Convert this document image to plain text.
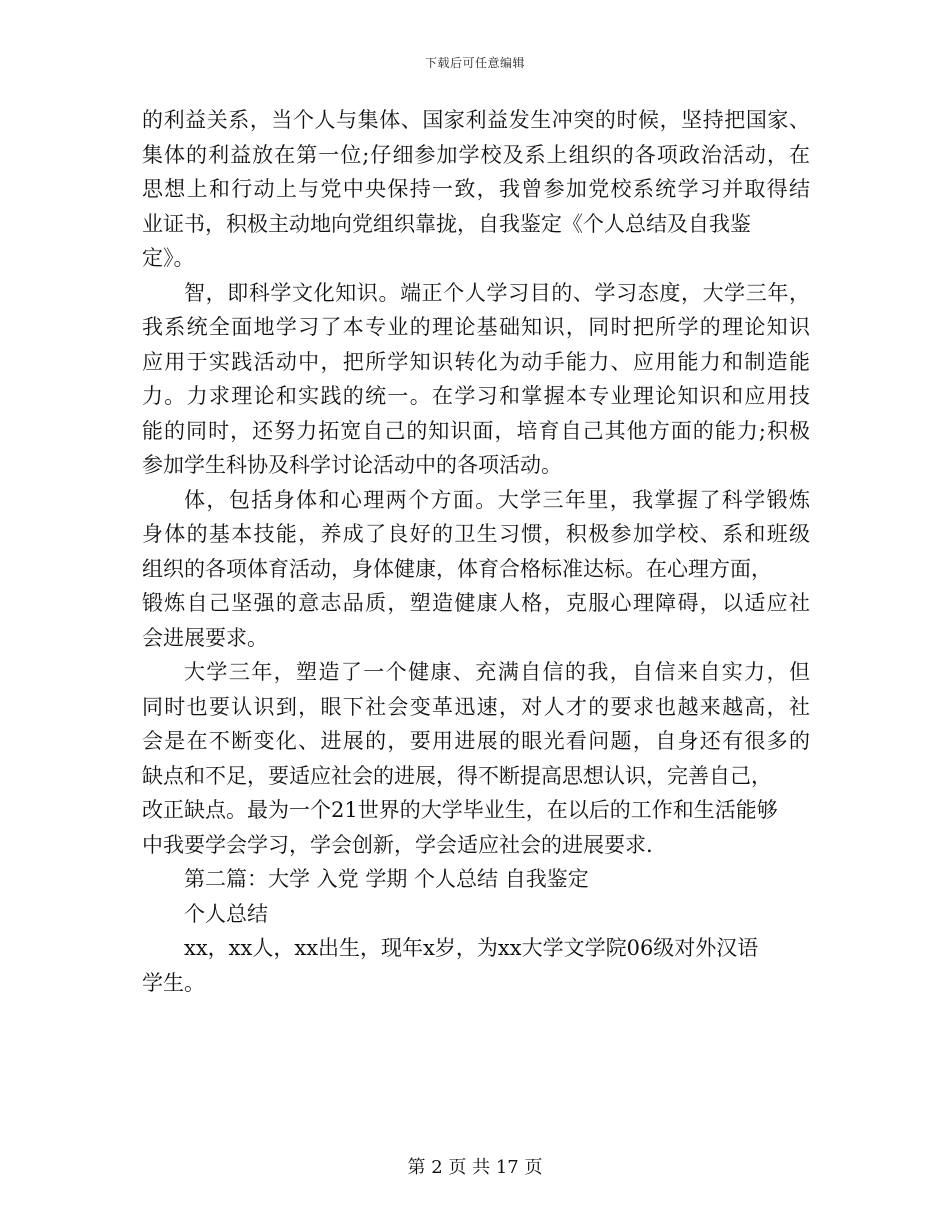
下载后可任意编辑
的利益关系，当个人与集体、国家利益发生冲突的时候，坚持把国家、
集体的利益放在第一位;仔细参加学校及系上组织的各项政治活动，在
思想上和行动上与党中央保持一致，我曾参加党校系统学习并取得结
业证书，积极主动地向党组织靠拢，自我鉴定《个人总结及自我鉴
定》。
智，即科学文化知识。端正个人学习目的、学习态度，大学三年，
我系统全面地学习了本专业的理论基础知识，同时把所学的理论知识
应用于实践活动中，把所学知识转化为动手能力、应用能力和制造能
力。力求理论和实践的统一。在学习和掌握本专业理论知识和应用技
能的同时，还努力拓宽自己的知识面，培育自己其他方面的能力;积极
参加学生科协及科学讨论活动中的各项活动。
体，包括身体和心理两个方面。大学三年里，我掌握了科学锻炼
身体的基本技能，养成了良好的卫生习惯，积极参加学校、系和班级
组织的各项体育活动，身体健康，体育合格标准达标。在心理方面，
锻炼自己坚强的意志品质，塑造健康人格，克服心理障碍，以适应社
会进展要求。
大学三年，塑造了一个健康、充满自信的我，自信来自实力，但
同时也要认识到，眼下社会变革迅速，对人才的要求也越来越高，社
会是在不断变化、进展的，要用进展的眼光看问题，自身还有很多的
缺点和不足，要适应社会的进展，得不断提高思想认识，完善自己，
改正缺点。最为一个21世界的大学毕业生，在以后的工作和生活能够
中我要学会学习，学会创新，学会适应社会的进展要求.
第二篇：大学 入党 学期 个人总结 自我鉴定
个人总结
xx，xx人，xx出生，现年x岁，为xx大学文学院06级对外汉语
学生。
第 2 页 共 17 页
